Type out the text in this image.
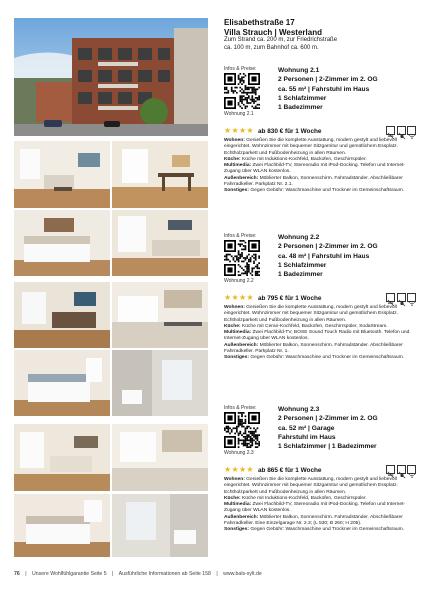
Elisabethstraße 17
Villa Strauch | Westerland
Zum Strand ca. 200 m, zur Friedrichstraße
ca. 100 m, zum Bahnhof ca. 600 m.
Infos & Preise:
Wohnung 2.1
Wohnung 2.1
2 Personen | 2-Zimmer im 2. OG
ca. 55 m² | Fahrstuhl im Haus
1 Schlafzimmer
1 Badezimmer
★★★★ ab 830 € für 1 Woche
Wohnen: Genießen Sie die komplette Ausstattung, modern gestylt und liebevoll eingerichtet. Wohnzimmer mit bequemer Sitzgarnitur und gemütlichem Essplatz. Echtholzparkett und Fußbodenheizung in allen Räumen.
Küche: Küche mit Induktions-Kochfeld, Backofen, Geschirrspüler.
Multimedia: Zwei Flachbild-TV, Stereoradio mit iPod-Docking. Telefon und Internet-Zugang über WLAN kostenlos.
Außenbereich: Möblierter Balkon, Sonnenschirm. Fahrradständer. Abschließbarer Fahrradkeller. Parkplatz Nr. 2.1.
Sonstiges: Gegen Gebühr: Waschmaschine und Trockner im Gemeinschaftsraum.

Infos & Preise:
Wohnung 2.2
Wohnung 2.2
2 Personen | 2-Zimmer im 2. OG
ca. 48 m² | Fahrstuhl im Haus
1 Schlafzimmer
1 Badezimmer
★★★★ ab 795 € für 1 Woche
Wohnen: Genießen Sie die komplette Ausstattung, modern gestylt und liebevoll eingerichtet. Wohnzimmer mit bequemer Sitzgarnitur und gemütlichem Essplatz. Echtholzparkett und Fußbodenheizung in allen Räumen.
Küche: Küche mit Ceran-Kochfeld, Backofen, Geschirrspüler, SodaStream.
Multimedia: Zwei Flachbild-TV, BOSE Sound Touch Radio mit Bluetooth. Telefon und Internet-Zugang über WLAN kostenlos.
Außenbereich: Möblierter Balkon, Sonnenschirm. Fahrradständer. Abschließbarer Fahrradkeller. Parkplatz Nr. 1.
Sonstiges: Gegen Gebühr: Waschmaschine und Trockner im Gemeinschaftsraum.

Infos & Preise:
Wohnung 2.3
Wohnung 2.3
2 Personen | 2-Zimmer im 2. OG
ca. 52 m² | Garage
Fahrstuhl im Haus
1 Schlafzimmer | 1 Badezimmer
★★★★ ab 865 € für 1 Woche
Wohnen: Genießen Sie die komplette Ausstattung, modern gestylt und liebevoll eingerichtet. Wohnzimmer mit bequemer Sitzgarnitur und gemütlichem Essplatz. Echtholzparkett und Fußbodenheizung in allen Räumen.
Küche: Küche mit Induktions-Kochfeld, Backofen, Geschirrspüler.
Multimedia: Zwei Flachbild-TV, Stereoradio mit iPod-Docking. Telefon und Internet-Zugang über WLAN kostenlos.
Außenbereich: Möblierter Balkon, Sonnenschirm. Fahrradständer. Abschließbarer Fahrradkeller. Eine Einzelgarage Nr. 2.3; (L 530; B 260; H 205).
Sonstiges: Gegen Gebühr: Waschmaschine und Trockner im Gemeinschaftsraum.

76 | Unsere Wohlfühlgarantie Seite 5 | Ausführliche Informationen ab Seite 158 | www.bals-sylt.de
